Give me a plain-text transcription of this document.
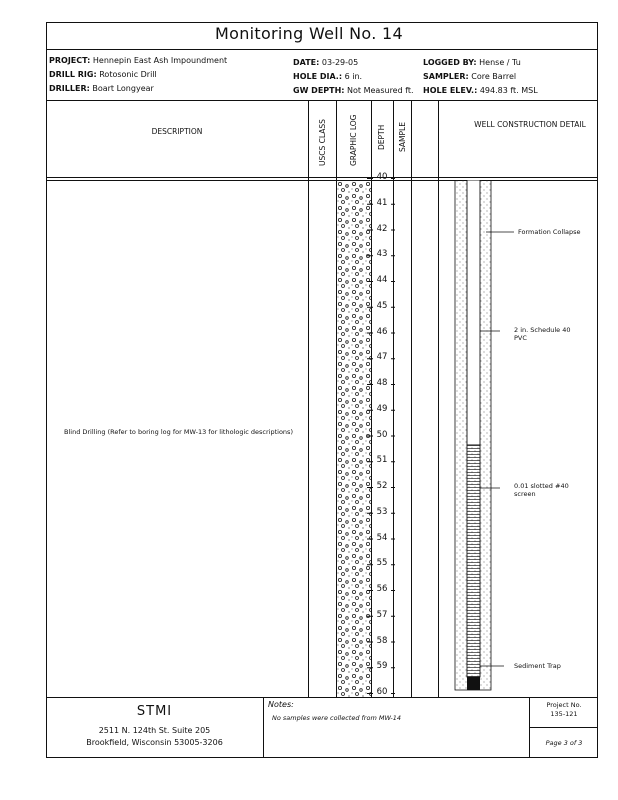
Monitoring Well No. 14
PROJECT: Hennepin East Ash Impoundment
DRILL RIG: Rotosonic Drill
DRILLER: Boart Longyear
DATE: 03-29-05
HOLE DIA.: 6 in.
GW DEPTH: Not Measured ft.
LOGGED BY: Hense / Tu
SAMPLER: Core Barrel
HOLE ELEV.: 494.83 ft. MSL
DESCRIPTION	USCS CLASS	GRAPHIC LOG	DEPTH SAMPLE	WELL CONSTRUCTION DETAIL
40
41
42
43
44
45
46
47
48
49
50
51
52
53
54
55
56
57
58
59
60
Blind Drilling (Refer to boring log for MW-13 for lithologic descriptions)
Formation Collapse
2 in. Schedule 40 PVC
0.01 slotted #40 screen
Sediment Trap
STMI
2511 N. 124th St. Suite 205
Brookfield, Wisconsin 53005-3206
Notes:
No samples were collected from MW-14
Project No.
135-121
Page 3 of 3
